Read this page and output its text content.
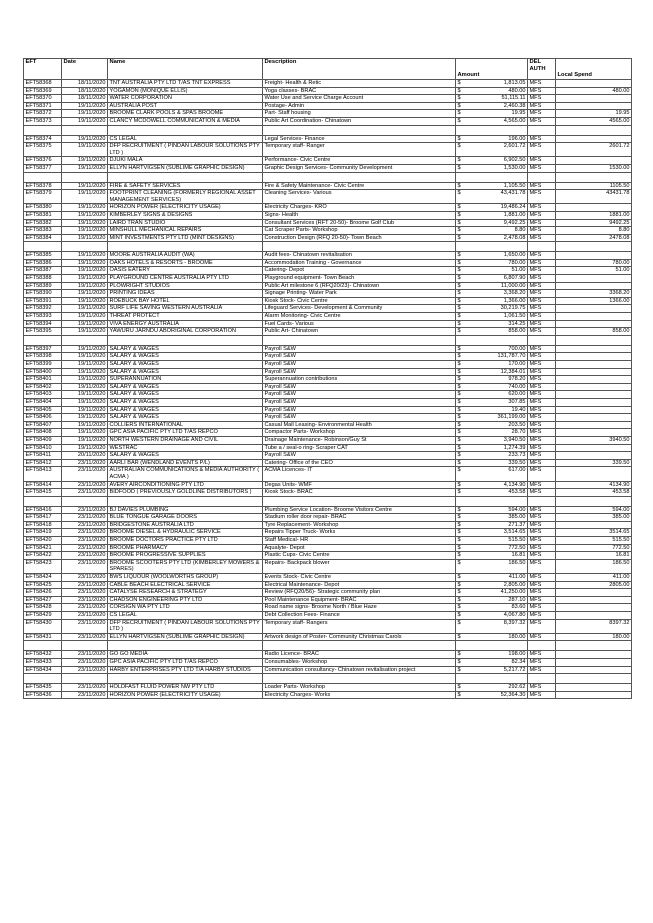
EFT	Date	Name	Description	Amount		DEL
AUTH	Local Spend
EFT58368	18/11/2020	TNT AUSTRALIA PTY LTD T/AS TNT EXPRESS	Freight- Health & Retic	$	1,813.05	MFS	
EFT58369	18/11/2020	YOGAMON (MONIQUE ELLIS)	Yoga classes- BRAC	$	480.00	MFS	480.00
EFT58370	18/11/2020	WATER CORPORATION	Water Use and Service Charge Account	$	51,115.11	MFS	
EFT58371	19/11/2020	AUSTRALIA POST	Postage- Admin	$	2,460.38	MFS	
EFT58372	19/11/2020	BROOME CLARK POOLS & SPAS BROOME	Part- Staff housing	$	19.95	MFS	19.95
EFT58373	19/11/2020	CLANCY MCDOWELL COMMUNICATION & MEDIA	Public Art Coordination- Chinatown	$	4,565.00	MFS	4565.00

EFT58374	19/11/2020	CS LEGAL	Legal Services- Finance	$	196.00	MFS	
EFT58375	19/11/2020	DFP RECRUITMENT ( PINDAN LABOUR SOLUTIONS PTY LTD )	Temporary staff- Ranger	$	2,601.72	MFS	2601.72
EFT58376	19/11/2020	DJUKI MALA	Performance- Civic Centre	$	6,902.50	MFS	
EFT58377	19/11/2020	ELLYN HARTVIGSEN (SUBLIME GRAPHIC DESIGN)	Graphic Design Services- Community Development	$	1,530.00	MFS	1530.00

EFT58378	19/11/2020	FIRE & SAFETY SERVICES	Fire & Safety Maintenance- Civic Centre	$	1,105.50	MFS	1105.50
EFT58379	19/11/2020	FOOTPRINT CLEANING (FORMERLY REGIONAL ASSET MANAGEMENT SERVICES)	Cleaning Services- Various	$	43,431.78	MFS	43431.78
EFT58380	19/11/2020	HORIZON POWER (ELECTRICITY USAGE)	Electricity Charges- KRO	$	19,486.24	MFS	
EFT58381	19/11/2020	KIMBERLEY SIGNS & DESIGNS	Signs- Health	$	1,881.00	MFS	1881.00
EFT58382	19/11/2020	LAIRD TRAN STUDIO	Consultant Services (RFT 20-50)- Broome Golf Club	$	9,492.25	MFS	9492.25
EFT58383	19/11/2020	MINSHULL MECHANICAL REPAIRS	Cat Scraper Parts- Workshop	$	8.80	MFS	8.80
EFT58384	19/11/2020	MINT INVESTMENTS PTY LTD (MINT DESIGNS)	Construction Design (RFQ 20-50)- Town Beach	$	2,478.08	MFS	2478.08

EFT58385	19/11/2020	MOORE AUSTRALIA AUDIT (WA)	Audit fees- Chinatown revitalisation	$	1,650.00	MFS	
EFT58386	19/11/2020	OAKS HOTELS & RESORTS - BROOME	Accommodation Training - Governance	$	780.00	MFS	780.00
EFT58387	19/11/2020	OASIS EATERY	Catering- Depot	$	51.00	MFS	51.00
EFT58388	19/11/2020	PLAYGROUND CENTRE AUSTRALIA PTY LTD	Playground equipment- Town Beach	$	6,807.90	MFS	
EFT58389	19/11/2020	PLOWRIGHT STUDIOS	Public Art milestone 6 (RFQ20/23)- Chinatown	$	11,000.00	MFS	
EFT58390	19/11/2020	PRINTING IDEAS	Signage Printing- Water Park	$	3,368.20	MFS	3368.20
EFT58391	19/11/2020	ROEBUCK BAY HOTEL	Kiosk Stock- Civic Centre	$	1,366.00	MFS	1366.00
EFT58392	19/11/2020	SURF LIFE SAVING WESTERN AUSTRALIA	Lifeguard Services- Development & Community	$	30,219.75	MFS	
EFT58393	19/11/2020	THREAT PROTECT	Alarm Monitoring- Civic Centre	$	1,061.50	MFS	
EFT58394	19/11/2020	VIVA ENERGY AUSTRALIA	Fuel Cards- Various	$	314.25	MFS	
EFT58395	19/11/2020	YAWURU JARNDU ABORIGINAL CORPORATION	Public Art- Chinatown	$	858.00	MFS	858.00

EFT58397	19/11/2020	SALARY & WAGES	Payroll S&W	$	700.00	MFS	
EFT58398	19/11/2020	SALARY & WAGES	Payroll S&W	$	131,787.70	MFS	
EFT58399	19/11/2020	SALARY & WAGES	Payroll S&W	$	170.00	MFS	
EFT58400	19/11/2020	SALARY & WAGES	Payroll S&W	$	12,384.01	MFS	
EFT58401	19/11/2020	SUPERANNUATION	Superannuation contributions	$	978.20	MFS	
EFT58402	19/11/2020	SALARY & WAGES	Payroll S&W	$	740.00	MFS	
EFT58403	19/11/2020	SALARY & WAGES	Payroll S&W	$	620.00	MFS	
EFT58404	19/11/2020	SALARY & WAGES	Payroll S&W	$	307.85	MFS	
EFT58405	19/11/2020	SALARY & WAGES	Payroll S&W	$	19.40	MFS	
EFT58406	19/11/2020	SALARY & WAGES	Payroll S&W	$	361,199.00	MFS	
EFT58407	19/11/2020	COLLIERS INTERNATIONAL	Casual Mall Leasing- Environmental Health	$	203.50	MFS	
EFT58408	19/11/2020	GPC ASIA PACIFIC PTY LTD T/AS REPCO	Compactor Parts- Workshop	$	28.70	MFS	
EFT58409	19/11/2020	NORTH WESTERN DRAINAGE AND CIVIL	Drainage Maintenance- Robinson/Guy St	$	3,940.50	MFS	3940.50
EFT58410	19/11/2020	WESTRAC	Tube a / seal-o ring- Scraper CAT	$	1,274.39	MFS	
EFT58411	20/11/2020	SALARY & WAGES	Payroll S&W	$	233.73	MFS	
EFT58412	23/11/2020	AARLI BAR (WENDLAND EVENTS P/L)	Catering- Office of the CEO	$	339.50	MFS	339.50
EFT58413	23/11/2020	AUSTRALIAN COMMUNICATIONS & MEDIA AUTHORITY ( ACMA )	ACMA Licences- IT	$	617.00	MFS	
EFT58414	23/11/2020	AVERY AIRCONDITIONING PTY LTD	Degas Units- WMF	$	4,134.90	MFS	4134.90
EFT58415	23/11/2020	BIDFOOD ( PREVIOUSLY GOLDLINE DISTRIBUTORS )	Kiosk Stock- BRAC	$	453.58	MFS	453.58

EFT58416	23/11/2020	BJ DAVIES PLUMBING	Plumbing Service Location- Broome Visitors Centre	$	594.00	MFS	594.00
EFT58417	23/11/2020	BLUE TONGUE GARAGE DOORS	Stadium roller door repair- BRAC	$	385.00	MFS	385.00
EFT58418	23/11/2020	BRIDGESTONE AUSTRALIA LTD	Tyre Replacement- Workshop	$	271.37	MFS	
EFT58419	23/11/2020	BROOME DIESEL & HYDRAULIC SERVICE	Repairs Tipper Truck- Works	$	3,514.65	MFS	3514.65
EFT58420	23/11/2020	BROOME DOCTORS PRACTICE PTY LTD	Staff Medical- HR	$	515.50	MFS	515.50
EFT58421	23/11/2020	BROOME PHARMACY	Aqualyte- Depot	$	772.50	MFS	772.50
EFT58422	23/11/2020	BROOME PROGRESSIVE SUPPLIES	Plastic Cups- Civic Centre	$	16.81	MFS	16.81
EFT58423	23/11/2020	BROOME SCOOTERS PTY LTD (KIMBERLEY MOWERS & SPARES)	Repairs- Backpack blower	$	186.50	MFS	186.50
EFT58424	23/11/2020	BWS LIQUOUR (WOOLWORTHS GROUP)	Events Stock- Civic Centre	$	411.00	MFS	411.00
EFT58425	23/11/2020	CABLE BEACH ELECTRICAL SERVICE	Electrical Maintenance- Depot	$	2,805.00	MFS	2805.00
EFT58426	23/11/2020	CATALYSE RESEARCH & STRATEGY	Review (RFQ20/56)- Strategic community plan	$	41,250.00	MFS	
EFT58427	23/11/2020	CHADSON ENGINEERING PTY LTD	Pool Maintenance Equipment- BRAC	$	287.10	MFS	
EFT58428	23/11/2020	CORSIGN WA PTY LTD	Road name signs- Broome North / Blue Haze	$	83.60	MFS	
EFT58429	23/11/2020	CS LEGAL	Debt Collection Fees- Finance	$	4,067.80	MFS	
EFT58430	23/11/2020	DFP RECRUITMENT ( PINDAN LABOUR SOLUTIONS PTY LTD )	Temporary staff- Rangers	$	8,397.32	MFS	8397.32
EFT58431	23/11/2020	ELLYN HARTVIGSEN (SUBLIME GRAPHIC DESIGN)	Artwork design of Poster- Community Christmas Carols	$	180.00	MFS	180.00

EFT58432	23/11/2020	GO GO MEDIA	Radio Licence- BRAC	$	198.00	MFS	
EFT58433	23/11/2020	GPC ASIA PACIFIC PTY LTD T/AS REPCO	Consumables- Workshop	$	82.34	MFS	
EFT58434	23/11/2020	HARBY ENTERPRISES PTY LTD T/A HARBY STUDIOS	Communication consultancy- Chinatown revitalisation project	$	5,217.72	MFS	

EFT58435	23/11/2020	HOLDFAST FLUID POWER NW PTY LTD	Loader Parts- Workshop	$	292.62	MFS	
EFT58436	23/11/2020	HORIZON POWER (ELECTRICITY USAGE)	Electricity Charges- Works	$	52,364.30	MFS	
